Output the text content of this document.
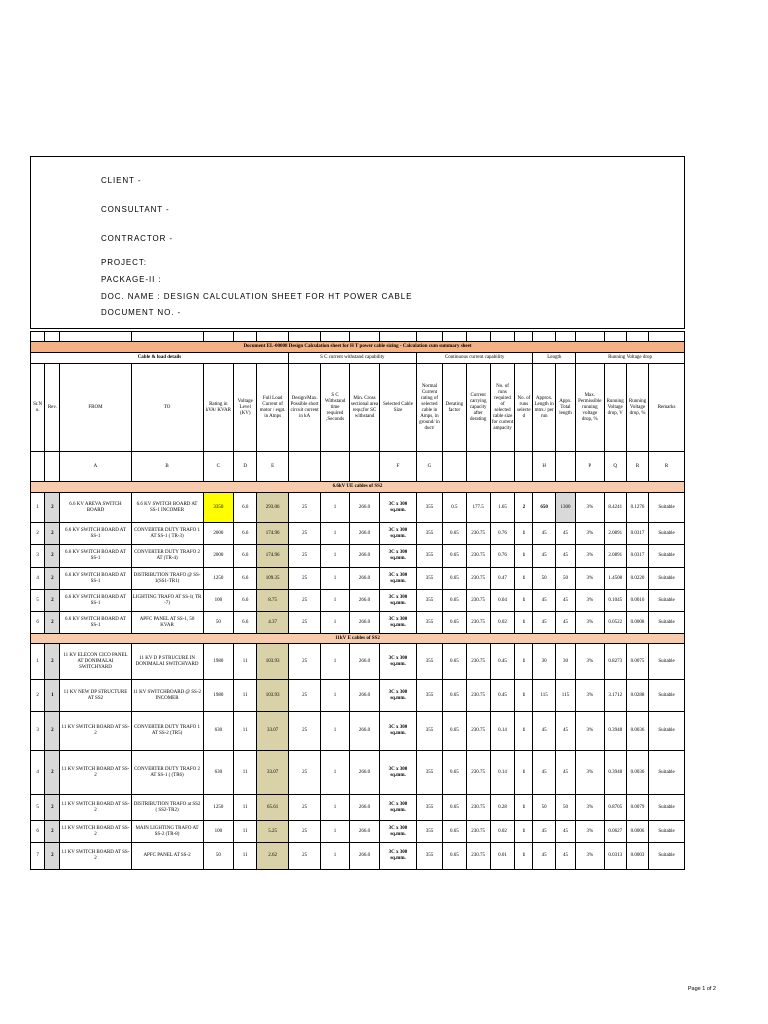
CLIENT -
CONSULTANT -
CONTRACTOR -
PROJECT:
PACKAGE-II :
DOC. NAME : DESIGN CALCULATION SHEET FOR HT POWER CABLE
DOCUMENT NO. -

Document EL-00008 Design Calculation sheet for H T power cable sizing - Calculation cum summary sheet																					
Cable & load details							S C current withstand capability				Continuous current capability					Length		Running Voltage drop			
Sr.No.	Rev.	FROM	TO	Rating in kVA/ KVAR	Voltage Level (KV)	Full Load Current of motor / eqpt. in Amps	Design/Max. Possible short circuit current in kA	S C Withstand time required ,Seconds	Min. Cross sectional area requ;for SC withstand	Selected Cable Size	Normal Current rating of selected cable in Amps, in ground/ in duct/	Derating factor	Current carrying capacity after derating	No. of runs required of selected cable size for current ampacity	No. of runs selected	Approx. Length in mtrs./ per run	Appx. Total length	Max. Permissible running voltage drop, %	Running Voltage drop, V	Running Voltage drop, %	Remarks
		A	B	C	D	E				F	G					H		P	Q	R	R
6.6kV UE cables of SS2																					
1	2	6.6 KV AREVA SWITCH BOARD	6.6 KV SWITCH BOARD AT SS-1 INCOMER	3350	6.6	293.06	25	1	266.0	3C x 300 sq.mm.	355	0.5	177.5	1.65	2	650	1300	3%	8.4241	0.1276	Suitable
2	2	6.6 KV SWITCH BOARD AT SS-1	CONVERTER DUTY TRAFO 1 AT SS-1 ( TR-3)	2000	6.6	174.96	25	1	266.0	3C x 300 sq.mm.	355	0.65	230.75	0.76	1	45	45	3%	2.0891	0.0317	Suitable
3	2	6.6 KV SWITCH BOARD AT SS-1	CONVERTER DUTY TRAFO 2 AT (TR-4)	2000	6.6	174.96	25	1	266.0	3C x 300 sq.mm.	355	0.65	230.75	0.76	1	45	45	3%	2.0891	0.0317	Suitable
4	2	6.6 KV SWITCH BOARD AT SS-1	DISTRIBUTION TRAFO @ SS-1(SS1-TR1)	1250	6.6	109.35	25	1	266.0	3C x 300 sq.mm.	355	0.65	230.75	0.47	1	50	50	3%	1.4508	0.0220	Suitable
5	2	6.6 KV SWITCH BOARD AT SS-1	LIGHTING TRAFO AT SS-1( TR -7)	100	6.6	8.75	25	1	266.0	3C x 300 sq.mm.	355	0.65	230.75	0.04	1	45	45	3%	0.1045	0.0016	Suitable
6	2	6.6 KV SWITCH BOARD AT SS-1	APFC PANEL AT SS-1, 50 KVAR	50	6.6	4.37	25	1	266.0	3C x 300 sq.mm.	355	0.65	230.75	0.02	1	45	45	3%	0.0522	0.0008	Suitable
11kV E cables of SS2																					
1	2	11 KV ELECON CICO PANEL AT DONIMALAI SWITCHYARD	11 KV D P STRUCURE IN DONIMALAI SWITCHYARD	1980	11	103.93	25	1	266.0	3C x 300 sq.mm.	355	0.65	230.75	0.45	1	30	30	3%	0.8273	0.0075	Suitable
2	1	11 KV NEW DP STRUCTURE AT SS2	11 KV SWITCHBOARD @ SS-2 INCOMER	1980	11	103.93	25	1	266.0	3C x 300 sq.mm.	355	0.65	230.75	0.45	1	115	115	3%	3.1712	0.0288	Suitable
3	2	11 KV SWITCH BOARD AT SS-2	CONVERTER DUTY TRAFO 1 AT SS-2 (TR5)	630	11	33.07	25	1	266.0	3C x 300 sq.mm.	355	0.65	230.75	0.14	1	45	45	3%	0.3948	0.0036	Suitable
4	2	11 KV SWITCH BOARD AT SS-2	CONVERTER DUTY TRAFO 2 AT SS-1 ( (TR6)	630	11	33.07	25	1	266.0	3C x 300 sq.mm.	355	0.65	230.75	0.14	1	45	45	3%	0.3948	0.0036	Suitable
5	2	11 KV SWITCH BOARD AT SS-2	DISTRIBUTION TRAFO at SS2 ( SS2-TR2)	1250	11	65.61	25	1	266.0	3C x 300 sq.mm.	355	0.65	230.75	0.28	1	50	50	3%	0.8705	0.0079	Suitable
6	2	11 KV SWITCH BOARD AT SS-2	MAIN LIGHTING TRAFO AT SS-2 (TR-8)	100	11	5.25	25	1	266.0	3C x 300 sq.mm.	355	0.65	230.75	0.02	1	45	45	3%	0.0627	0.0006	Suitable
7	2	11 KV SWITCH BOARD AT SS-2	APFC PANEL AT SS-2	50	11	2.62	25	1	266.0	3C x 300 sq.mm.	355	0.65	230.75	0.01	1	45	45	3%	0.0313	0.0003	Suitable
Page 1 of 2
